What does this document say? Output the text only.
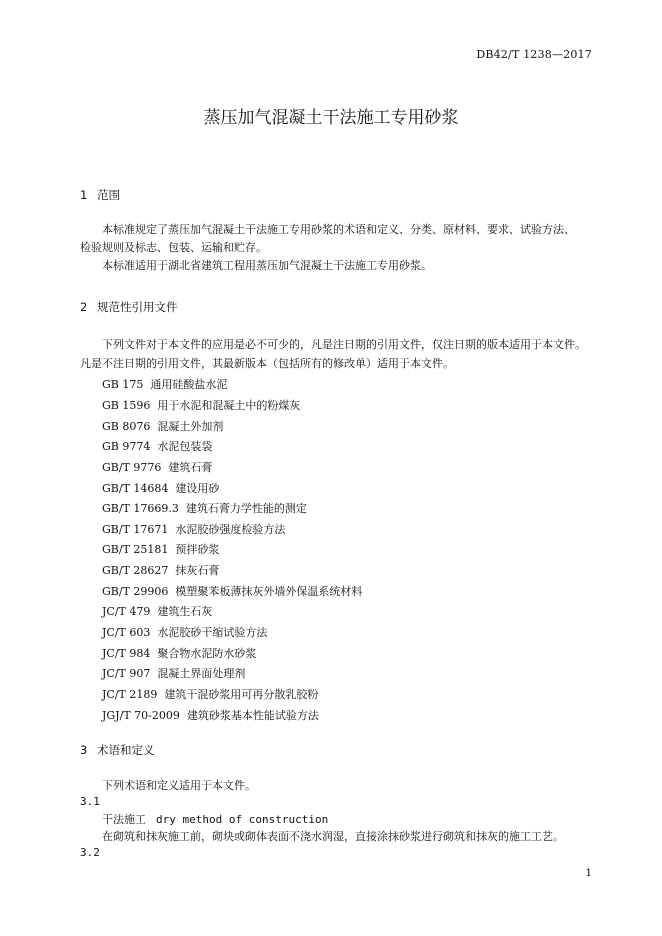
DB42/T 1238—2017
蒸压加气混凝土干法施工专用砂浆
1 范围
本标准规定了蒸压加气混凝土干法施工专用砂浆的术语和定义、分类、原材料、要求、试验方法、
检验规则及标志、包装、运输和贮存。
本标准适用于湖北省建筑工程用蒸压加气混凝土干法施工专用砂浆。
2 规范性引用文件
下列文件对于本文件的应用是必不可少的，凡是注日期的引用文件，仅注日期的版本适用于本文件。
凡是不注日期的引用文件，其最新版本（包括所有的修改单）适用于本文件。
GB 175 通用硅酸盐水泥
GB 1596 用于水泥和混凝土中的粉煤灰
GB 8076 混凝土外加剂
GB 9774 水泥包装袋
GB/T 9776 建筑石膏
GB/T 14684 建设用砂
GB/T 17669.3 建筑石膏力学性能的测定
GB/T 17671 水泥胶砂强度检验方法
GB/T 25181 预拌砂浆
GB/T 28627 抹灰石膏
GB/T 29906 模塑聚苯板薄抹灰外墙外保温系统材料
JC/T 479 建筑生石灰
JC/T 603 水泥胶砂干缩试验方法
JC/T 984 聚合物水泥防水砂浆
JC/T 907 混凝土界面处理剂
JC/T 2189 建筑干混砂浆用可再分散乳胶粉
JGJ/T 70-2009 建筑砂浆基本性能试验方法
3 术语和定义
下列术语和定义适用于本文件。
3.1
干法施工 dry method of construction
在砌筑和抹灰施工前，砌块或砌体表面不浇水润湿，直接涂抹砂浆进行砌筑和抹灰的施工工艺。
3.2
1
